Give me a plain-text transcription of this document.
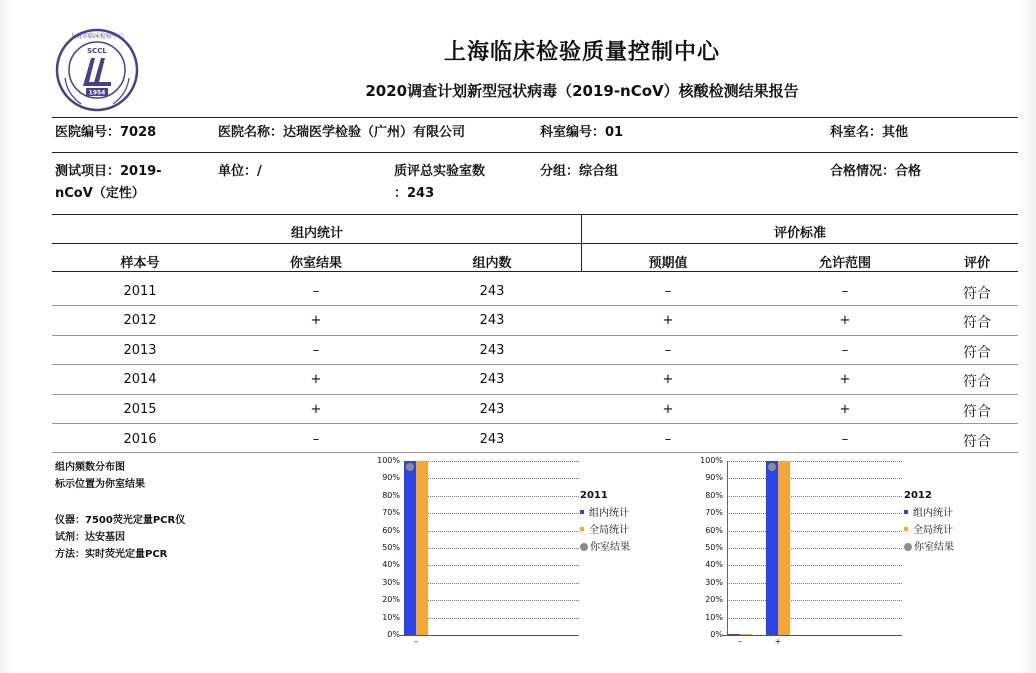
上海市临床检验中心
SCCL
1954
上海临床检验质量控制中心
2020调查计划新型冠状病毒（2019-nCoV）核酸检测结果报告
医院编号：7028	医院名称：达瑞医学检验（广州）有限公司	科室编号：01	科室名：其他
测试项目：2019-
nCoV（定性）
单位：/	质评总实验室数
：243
分组：综合组	合格情况：合格
组内统计	评价标准
样本号	你室结果	组内数	预期值	允许范围	评价
2011	–	243	–	–	符合
2012	+	243	+	+	符合
2013	–	243	–	–	符合
2014	+	243	+	+	符合
2015	+	243	+	+	符合
2016	–	243	–	–	符合
组内频数分布图
标示位置为你室结果
仪器：7500荧光定量PCR仪
试剂：达安基因
方法：实时荧光定量PCR
0%
10%
20%
30%
40%
50%
60%
70%
80%
90%
100%
–
2011
组内统计
全局统计
你室结果
0%
10%
20%
30%
40%
50%
60%
70%
80%
90%
100%
–	+
2012
组内统计
全局统计
你室结果
